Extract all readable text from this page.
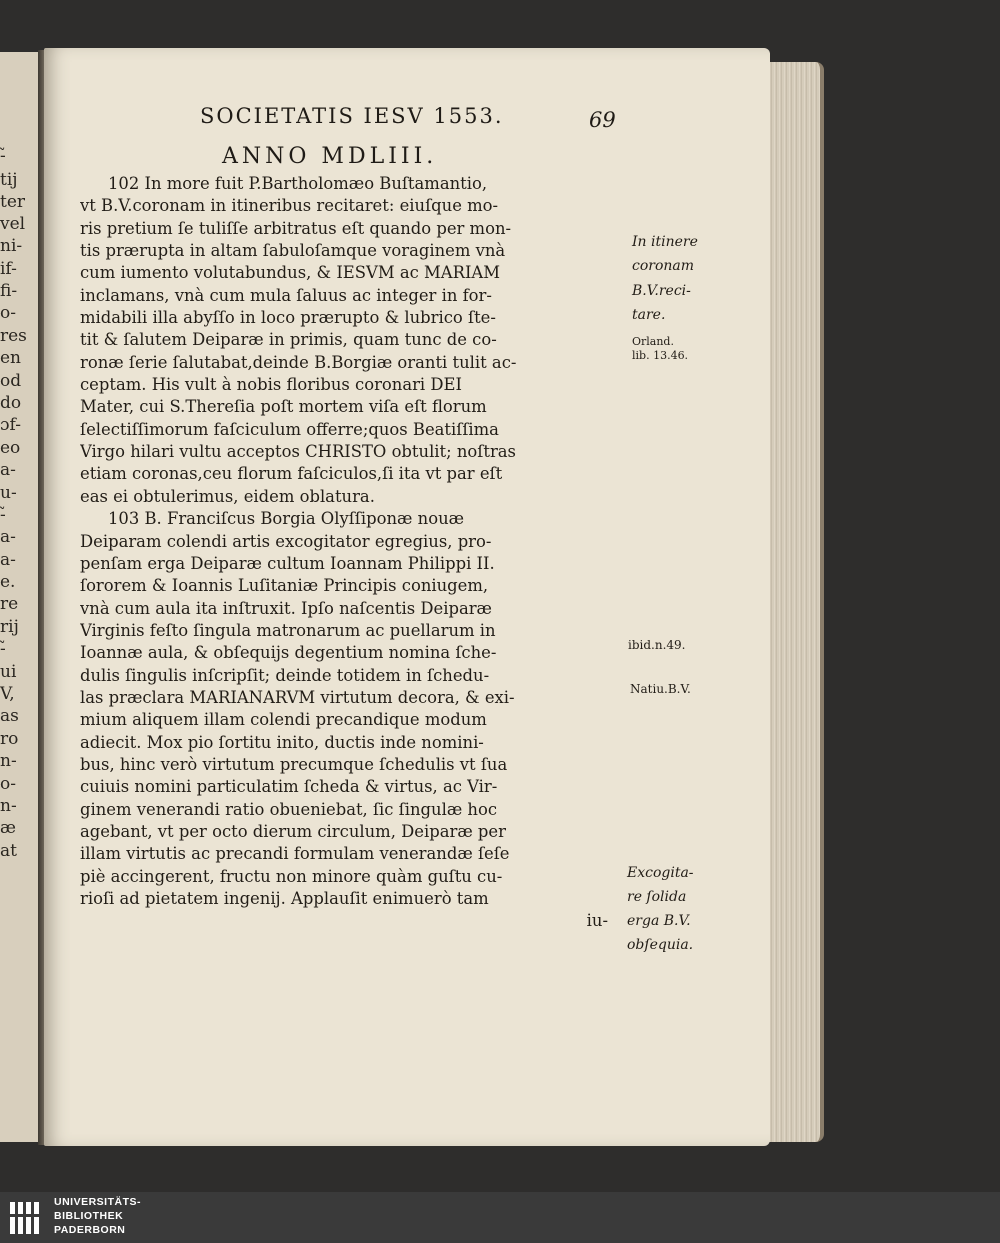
-̃
tij
ter
vel
ni-
if-
fi-
o-
res
en
od
do
ɔf-
eo
a-
u-
-̃
a-
a-
e.
re
rij
-̃
ui
V,
as
ro
n-
o-
n-
æ
at
SOCIETATIS IESV 1553.	69
ANNO MDLIII.
102 In more fuit P.Bartholomæo Buſtamantio,
vt B.V.coronam in itineribus recitaret: eiuſque mo-
ris pretium ſe tuliſſe arbitratus eſt quando per mon-
tis prærupta in altam ſabuloſamque voraginem vnà
cum iumento volutabundus, & IESVM ac MARIAM
inclamans, vnà cum mula ſaluus ac integer in for-
midabili illa abyſſo in loco prærupto & lubrico ſte-
tit & ſalutem Deiparæ in primis, quam tunc de co-
ronæ ſerie ſalutabat,deinde B.Borgiæ oranti tulit ac-
ceptam. His vult à nobis floribus coronari DEI
Mater, cui S.Thereſia poſt mortem viſa eſt florum
ſelectiſſimorum faſciculum offerre;quos Beatiſſima
Virgo hilari vultu acceptos CHRISTO obtulit; noſtras
etiam coronas,ceu florum faſciculos,ſi ita vt par eſt
eas ei obtulerimus, eidem oblatura.
103 B. Franciſcus Borgia Olyſſiponæ nouæ
Deiparam colendi artis excogitator egregius, pro-
penſam erga Deiparæ cultum Ioannam Philippi II.
ſororem & Ioannis Luſitaniæ Principis coniugem,
vnà cum aula ita inſtruxit. Ipſo naſcentis Deiparæ
Virginis feſto ſingula matronarum ac puellarum in
Ioannæ aula, & obſequijs degentium nomina ſche-
dulis ſingulis inſcripſit; deinde totidem in ſchedu-
las præclara MARIANARVM virtutum decora, & exi-
mium aliquem illam colendi precandique modum
adiecit. Mox pio ſortitu inito, ductis inde nomini-
bus, hinc verò virtutum precumque ſchedulis vt ſua
cuiuis nomini particulatim ſcheda & virtus, ac Vir-
ginem venerandi ratio obueniebat, ſic ſingulæ hoc
agebant, vt per octo dierum circulum, Deiparæ per
illam virtutis ac precandi formulam venerandæ ſeſe
piè accingerent, fructu non minore quàm guſtu cu-
rioſi ad pietatem ingenij. Applauſit enimuerò tam
iu-
In itinere
coronam
B.V.reci-
tare.
Orland.
lib. 13.46.
ibid.n.49.
Natiu.B.V.
Excogita-
re ſolida
erga B.V.
obſequia.
UNIVERSITÄTS-
BIBLIOTHEK
PADERBORN
